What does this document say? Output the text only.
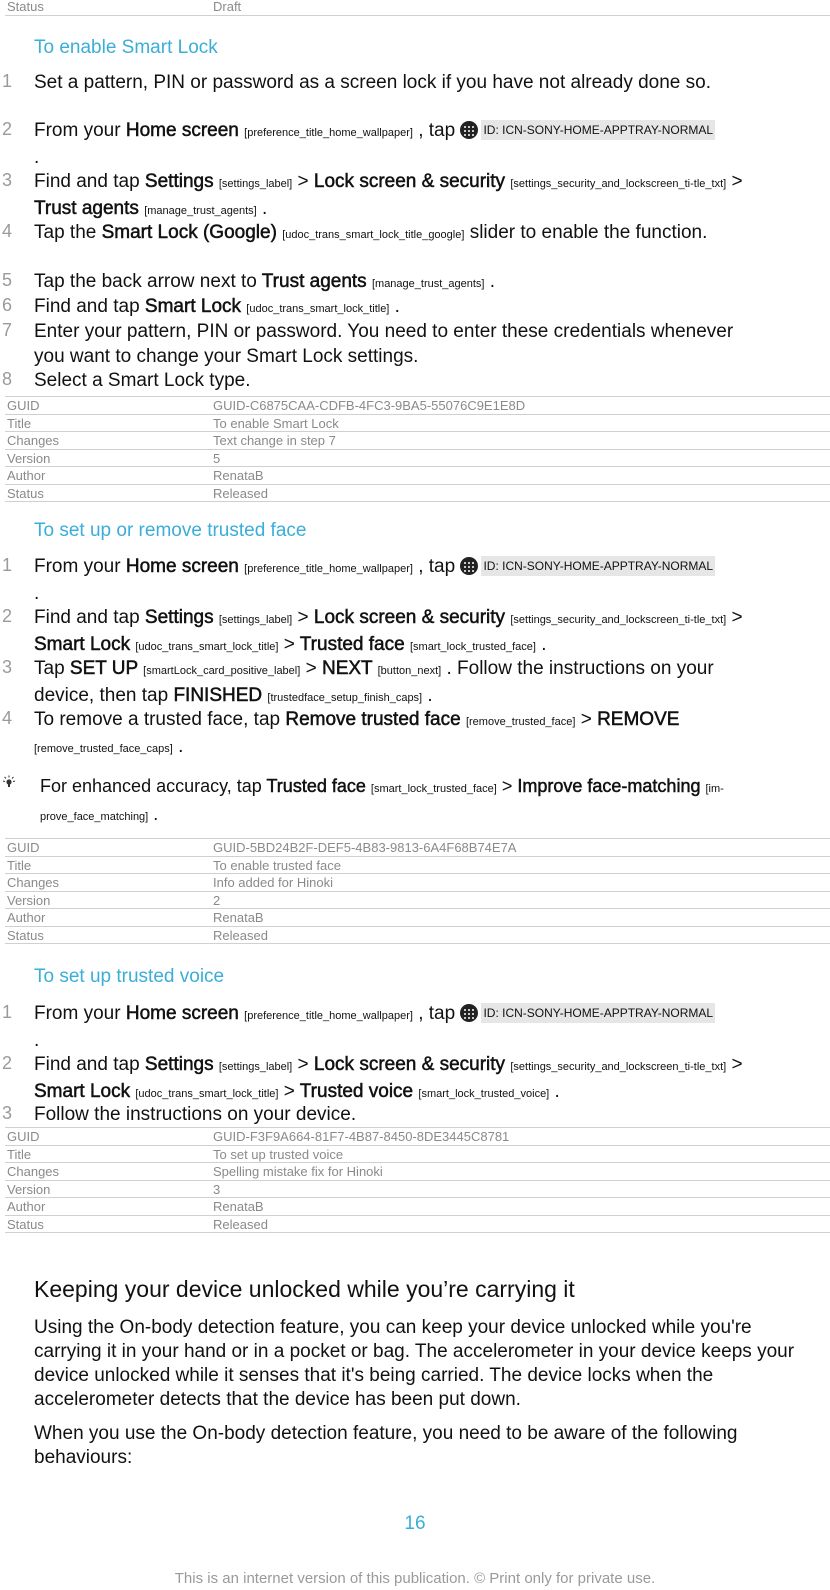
Status	Draft
To enable Smart Lock
1 Set a pattern, PIN or password as a screen lock if you have not already done so.
2 From your Home screen [preference_title_home_wallpaper] , tap ID: ICN-SONY-HOME-APPTRAY-NORMAL .
3 Find and tap Settings [settings_label] > Lock screen & security [settings_security_and_lockscreen_ti-tle_txt] > Trust agents [manage_trust_agents] .
4 Tap the Smart Lock (Google) [udoc_trans_smart_lock_title_google] slider to enable the function.
5 Tap the back arrow next to Trust agents [manage_trust_agents] .
6 Find and tap Smart Lock [udoc_trans_smart_lock_title] .
7 Enter your pattern, PIN or password. You need to enter these credentials whenever you want to change your Smart Lock settings.
8 Select a Smart Lock type.
GUID	GUID-C6875CAA-CDFB-4FC3-9BA5-55076C9E1E8D
Title	To enable Smart Lock
Changes	Text change in step 7
Version	5
Author	RenataB
Status	Released
To set up or remove trusted face
1 From your Home screen [preference_title_home_wallpaper] , tap ID: ICN-SONY-HOME-APPTRAY-NORMAL .
2 Find and tap Settings [settings_label] > Lock screen & security [settings_security_and_lockscreen_ti-tle_txt] > Smart Lock [udoc_trans_smart_lock_title] > Trusted face [smart_lock_trusted_face] .
3 Tap SET UP [smartLock_card_positive_label] > NEXT [button_next] . Follow the instructions on your device, then tap FINISHED [trustedface_setup_finish_caps] .
4 To remove a trusted face, tap Remove trusted face [remove_trusted_face] > REMOVE [remove_trusted_face_caps] .
For enhanced accuracy, tap Trusted face [smart_lock_trusted_face] > Improve face-matching [im-prove_face_matching] .
GUID	GUID-5BD24B2F-DEF5-4B83-9813-6A4F68B74E7A
Title	To enable trusted face
Changes	Info added for Hinoki
Version	2
Author	RenataB
Status	Released
To set up trusted voice
1 From your Home screen [preference_title_home_wallpaper] , tap ID: ICN-SONY-HOME-APPTRAY-NORMAL .
2 Find and tap Settings [settings_label] > Lock screen & security [settings_security_and_lockscreen_ti-tle_txt] > Smart Lock [udoc_trans_smart_lock_title] > Trusted voice [smart_lock_trusted_voice] .
3 Follow the instructions on your device.
GUID	GUID-F3F9A664-81F7-4B87-8450-8DE3445C8781
Title	To set up trusted voice
Changes	Spelling mistake fix for Hinoki
Version	3
Author	RenataB
Status	Released
Keeping your device unlocked while you’re carrying it
Using the On-body detection feature, you can keep your device unlocked while you're carrying it in your hand or in a pocket or bag. The accelerometer in your device keeps your device unlocked while it senses that it's being carried. The device locks when the accelerometer detects that the device has been put down.
When you use the On-body detection feature, you need to be aware of the following behaviours:
16
This is an internet version of this publication. © Print only for private use.
